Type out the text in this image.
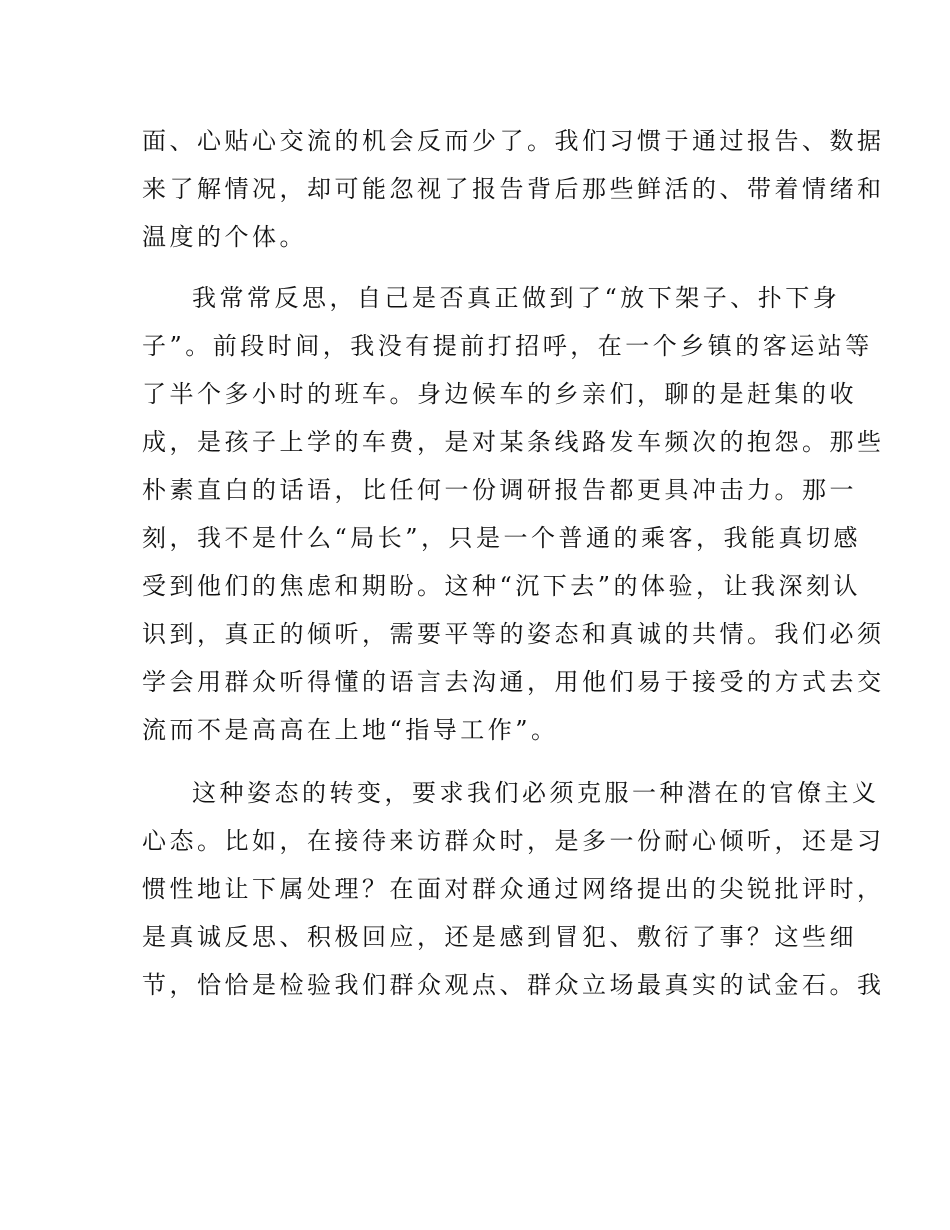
面、心贴心交流的机会反而少了。我们习惯于通过报告、数据
来了解情况，却可能忽视了报告背后那些鲜活的、带着情绪和
温度的个体。
我常常反思，自己是否真正做到了“放下架子、扑下身
子”。前段时间，我没有提前打招呼，在一个乡镇的客运站等
了半个多小时的班车。身边候车的乡亲们，聊的是赶集的收
成，是孩子上学的车费，是对某条线路发车频次的抱怨。那些
朴素直白的话语，比任何一份调研报告都更具冲击力。那一
刻，我不是什么“局长”，只是一个普通的乘客，我能真切感
受到他们的焦虑和期盼。这种“沉下去”的体验，让我深刻认
识到，真正的倾听，需要平等的姿态和真诚的共情。我们必须
学会用群众听得懂的语言去沟通，用他们易于接受的方式去交
流而不是高高在上地“指导工作”。
这种姿态的转变，要求我们必须克服一种潜在的官僚主义
心态。比如，在接待来访群众时，是多一份耐心倾听，还是习
惯性地让下属处理？在面对群众通过网络提出的尖锐批评时，
是真诚反思、积极回应，还是感到冒犯、敷衍了事？这些细
节，恰恰是检验我们群众观点、群众立场最真实的试金石。我
